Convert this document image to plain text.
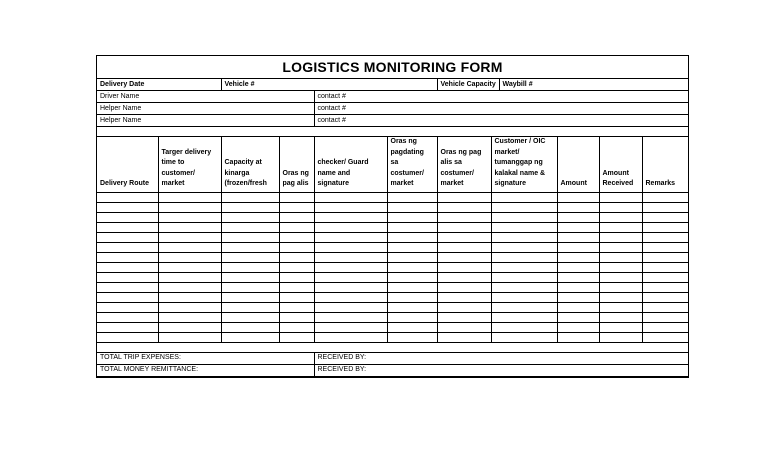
LOGISTICS MONITORING FORM
Delivery Date	Vehicle #	Vehicle Capacity	Waybill #
Driver Name	contact #
Helper Name	contact #
Helper Name	contact #

Delivery Route	Targer delivery time to customer/ market	Capacity at kinarga (frozen/fresh	Oras ng pag alis	checker/ Guard name and signature	Oras ng pagdating sa costumer/ market	Oras ng pag alis sa costumer/ market	Customer / OIC market/ tumanggap ng kalakal name & signature	Amount	Amount Received	Remarks

TOTAL TRIP EXPENSES:	RECEIVED BY:
TOTAL MONEY REMITTANCE:	RECEIVED BY:
